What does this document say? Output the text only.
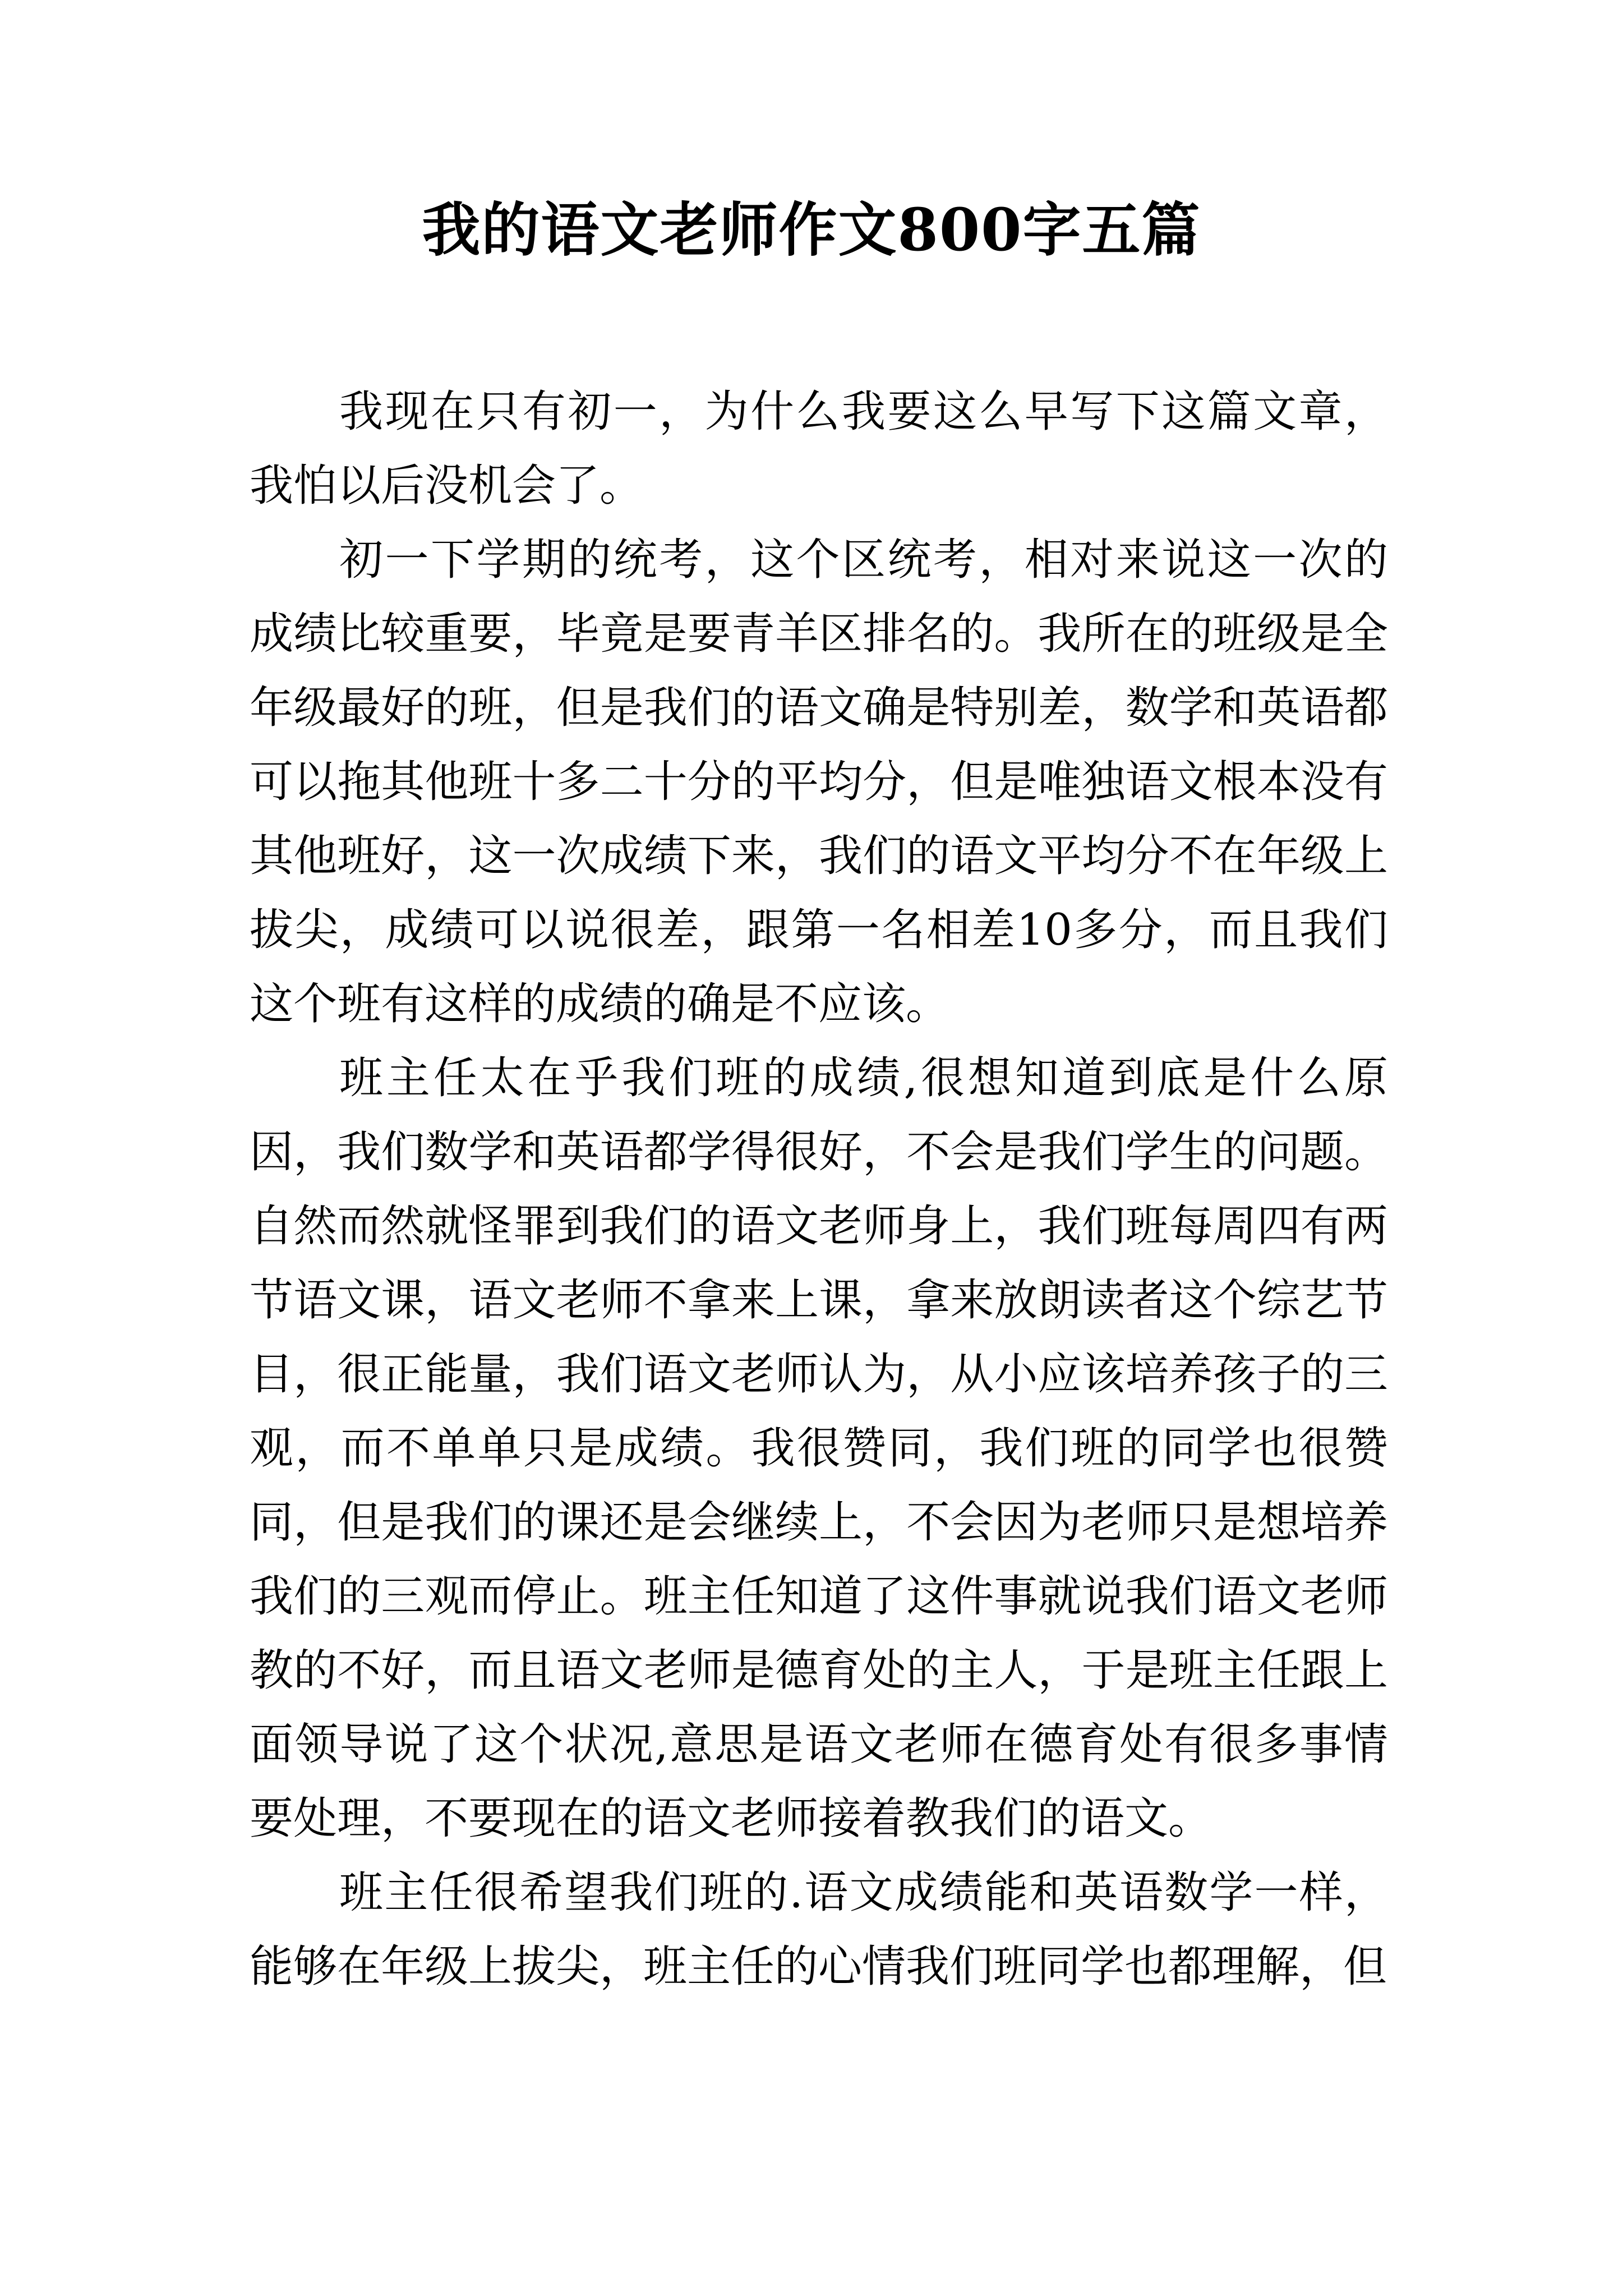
我的语文老师作文800字五篇

我现在只有初一，为什么我要这么早写下这篇文章，我怕以后没机会了。

初一下学期的统考，这个区统考，相对来说这一次的成绩比较重要，毕竟是要青羊区排名的。我所在的班级是全年级最好的班，但是我们的语文确是特别差，数学和英语都可以拖其他班十多二十分的平均分，但是唯独语文根本没有其他班好，这一次成绩下来，我们的语文平均分不在年级上拔尖，成绩可以说很差，跟第一名相差10多分，而且我们这个班有这样的成绩的确是不应该。

班主任太在乎我们班的成绩,很想知道到底是什么原因，我们数学和英语都学得很好，不会是我们学生的问题。自然而然就怪罪到我们的语文老师身上，我们班每周四有两节语文课，语文老师不拿来上课，拿来放朗读者这个综艺节目，很正能量，我们语文老师认为，从小应该培养孩子的三观，而不单单只是成绩。我很赞同，我们班的同学也很赞同，但是我们的课还是会继续上，不会因为老师只是想培养我们的三观而停止。班主任知道了这件事就说我们语文老师教的不好，而且语文老师是德育处的主人，于是班主任跟上面领导说了这个状况,意思是语文老师在德育处有很多事情要处理，不要现在的语文老师接着教我们的语文。

班主任很希望我们班的.语文成绩能和英语数学一样，能够在年级上拔尖，班主任的心情我们班同学也都理解，但
